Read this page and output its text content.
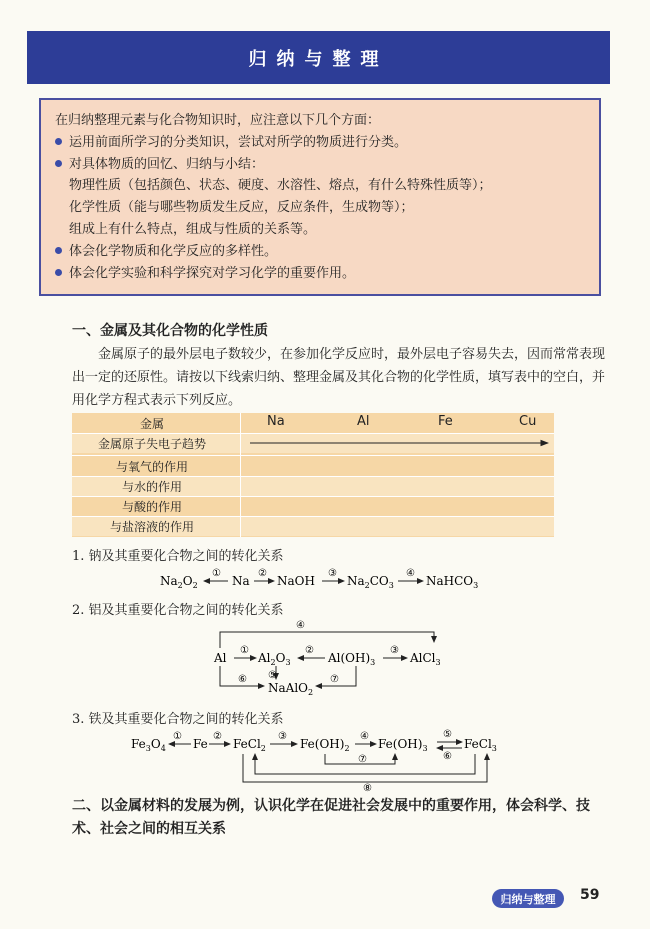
归纳与整理
在归纳整理元素与化合物知识时，应注意以下几个方面：
运用前面所学习的分类知识，尝试对所学的物质进行分类。
对具体物质的回忆、归纳与小结：
物理性质（包括颜色、状态、硬度、水溶性、熔点，有什么特殊性质等）；
化学性质（能与哪些物质发生反应，反应条件，生成物等）；
组成上有什么特点，组成与性质的关系等。
体会化学物质和化学反应的多样性。
体会化学实验和科学探究对学习化学的重要作用。
一、金属及其化合物的化学性质
金属原子的最外层电子数较少，在参加化学反应时，最外层电子容易失去，因而常常表现出一定的还原性。请按以下线索归纳、整理金属及其化合物的化学性质，填写表中的空白，并用化学方程式表示下列反应。
金属	Na	Al	Fe	Cu
金属原子失电子趋势
与氧气的作用
与水的作用
与酸的作用
与盐溶液的作用
1. 钠及其重要化合物之间的转化关系
$Na_2O_2$	Na NaOH	$Na_2CO_3$	NaHCO$_3$
①	②	③	④
2. 铝及其重要化合物之间的转化关系
④
Al	$Al_2O_3$	$Al(OH)_3$	AlCl$_3$
NaAlO$_2$
①	②	③
⑤
⑥	⑦
3. 铁及其重要化合物之间的转化关系
$Fe_3O_4$ Fe FeCl$_2$	$Fe(OH)_2$ $Fe(OH)_3$	FeCl$_3$
①	②	③	④	⑤
⑥
⑦
⑧
二、以金属材料的发展为例，认识化学在促进社会发展中的重要作用，体会科学、技术、社会之间的相互关系
归纳与整理 59
